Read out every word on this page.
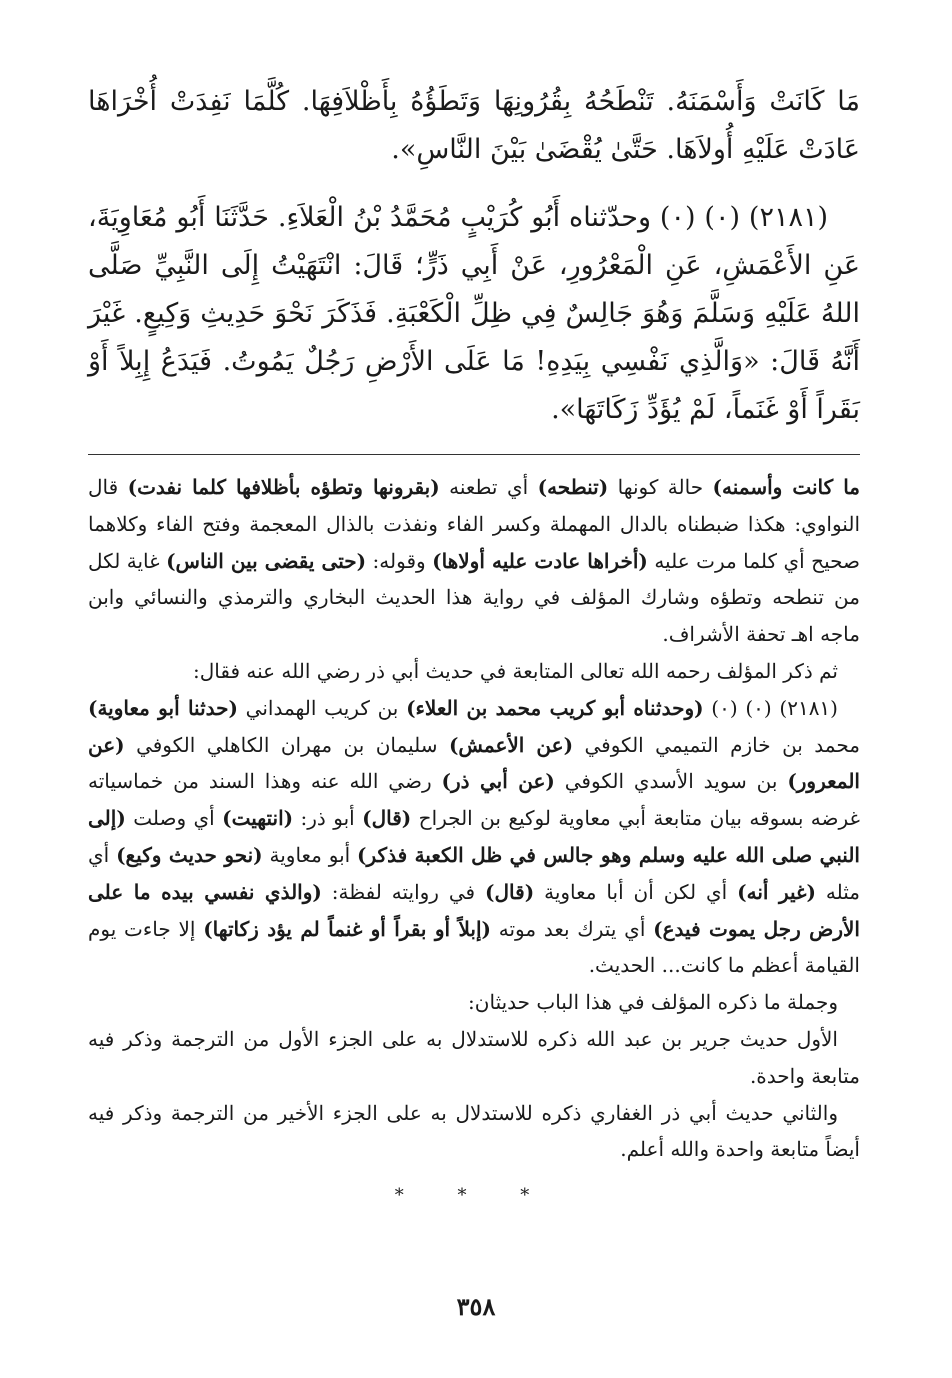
مَا كَانَتْ وَأَسْمَنَهُ. تَنْطَحُهُ بِقُرُونِهَا وَتَطَؤُهُ بِأَظْلاَفِهَا. كُلَّمَا نَفِدَتْ أُخْرَاهَا عَادَتْ عَلَيْهِ أُولاَهَا. حَتَّىٰ يُقْضَىٰ بَيْنَ النَّاسِ».

(٢١٨١) (٠) (٠) وحدّثناه أَبُو كُرَيْبٍ مُحَمَّدُ بْنُ الْعَلاَءِ. حَدَّثَنَا أَبُو مُعَاوِيَةَ، عَنِ الأَعْمَشِ، عَنِ الْمَعْرُورِ، عَنْ أَبِي ذَرٍّ؛ قَالَ: انْتَهَيْتُ إِلَى النَّبِيِّ صَلَّى اللهُ عَلَيْهِ وَسَلَّمَ وَهُوَ جَالِسٌ فِي ظِلِّ الْكَعْبَةِ. فَذَكَرَ نَحْوَ حَدِيثِ وَكِيعٍ. غَيْرَ أَنَّهُ قَالَ: «وَالَّذِي نَفْسِي بِيَدِهِ! مَا عَلَى الأَرْضِ رَجُلٌ يَمُوتُ. فَيَدَعُ إِبِلاً أَوْ بَقَراً أَوْ غَنَماً، لَمْ يُؤَدِّ زَكَاتَهَا».

ما كانت وأسمنه) حالة كونها (تنطحه) أي تطعنه (بقرونها وتطؤه بأظلافها كلما نفدت) قال النواوي: هكذا ضبطناه بالدال المهملة وكسر الفاء ونفذت بالذال المعجمة وفتح الفاء وكلاهما صحيح أي كلما مرت عليه (أخراها عادت عليه أولاها) وقوله: (حتى يقضى بين الناس) غاية لكل من تنطحه وتطؤه وشارك المؤلف في رواية هذا الحديث البخاري والترمذي والنسائي وابن ماجه اهـ تحفة الأشراف.

ثم ذكر المؤلف رحمه الله تعالى المتابعة في حديث أبي ذر رضي الله عنه فقال:

(٢١٨١) (٠) (٠) (وحدثناه أبو كريب محمد بن العلاء) بن كريب الهمداني (حدثنا أبو معاوية) محمد بن خازم التميمي الكوفي (عن الأعمش) سليمان بن مهران الكاهلي الكوفي (عن المعرور) بن سويد الأسدي الكوفي (عن أبي ذر) رضي الله عنه وهذا السند من خماسياته غرضه بسوقه بيان متابعة أبي معاوية لوكيع بن الجراح (قال) أبو ذر: (انتهيت) أي وصلت (إلى النبي صلى الله عليه وسلم وهو جالس في ظل الكعبة فذكر) أبو معاوية (نحو حديث وكيع) أي مثله (غير أنه) أي لكن أن أبا معاوية (قال) في روايته لفظة: (والذي نفسي بيده ما على الأرض رجل يموت فيدع) أي يترك بعد موته (إبلاً أو بقراً أو غنماً لم يؤد زكاتها) إلا جاءت يوم القيامة أعظم ما كانت... الحديث.

وجملة ما ذكره المؤلف في هذا الباب حديثان:

الأول حديث جرير بن عبد الله ذكره للاستدلال به على الجزء الأول من الترجمة وذكر فيه متابعة واحدة.

والثاني حديث أبي ذر الغفاري ذكره للاستدلال به على الجزء الأخير من الترجمة وذكر فيه أيضاً متابعة واحدة والله أعلم.

* * *
٣٥٨
